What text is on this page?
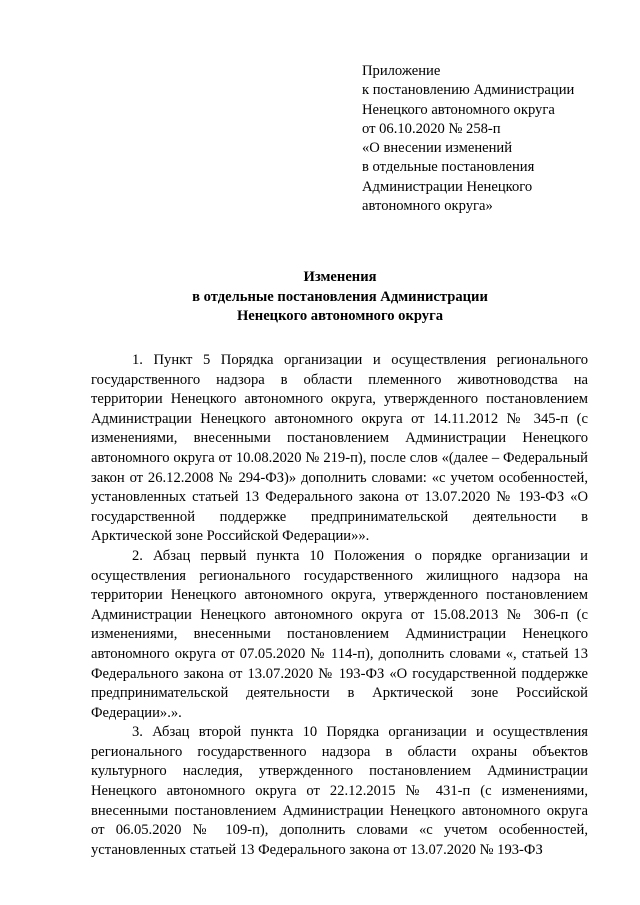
Приложение
к постановлению Администрации
Ненецкого автономного округа
от 06.10.2020 № 258-п
«О внесении изменений
в отдельные постановления
Администрации Ненецкого
автономного округа»
Изменения
в отдельные постановления Администрации
Ненецкого автономного округа

1. Пункт 5 Порядка организации и осуществления регионального государственного надзора в области племенного животноводства на территории Ненецкого автономного округа, утвержденного постановлением Администрации Ненецкого автономного округа от 14.11.2012 № 345-п (с изменениями, внесенными постановлением Администрации Ненецкого автономного округа от 10.08.2020 № 219-п), после слов «(далее – Федеральный закон от 26.12.2008 № 294-ФЗ)» дополнить словами: «с учетом особенностей, установленных статьей 13 Федерального закона от 13.07.2020 № 193-ФЗ «О государственной поддержке предпринимательской деятельности в Арктической зоне Российской Федерации»».

2. Абзац первый пункта 10 Положения о порядке организации и осуществления регионального государственного жилищного надзора на территории Ненецкого автономного округа, утвержденного постановлением Администрации Ненецкого автономного округа от 15.08.2013 № 306-п (с изменениями, внесенными постановлением Администрации Ненецкого автономного округа от 07.05.2020 № 114-п), дополнить словами «, статьей 13 Федерального закона от 13.07.2020 № 193-ФЗ «О государственной поддержке предпринимательской деятельности в Арктической зоне Российской Федерации».».

3. Абзац второй пункта 10 Порядка организации и осуществления регионального государственного надзора в области охраны объектов культурного наследия, утвержденного постановлением Администрации Ненецкого автономного округа от 22.12.2015 № 431-п (с изменениями, внесенными постановлением Администрации Ненецкого автономного округа от 06.05.2020 № 109-п), дополнить словами «с учетом особенностей, установленных статьей 13 Федерального закона от 13.07.2020 № 193-ФЗ
